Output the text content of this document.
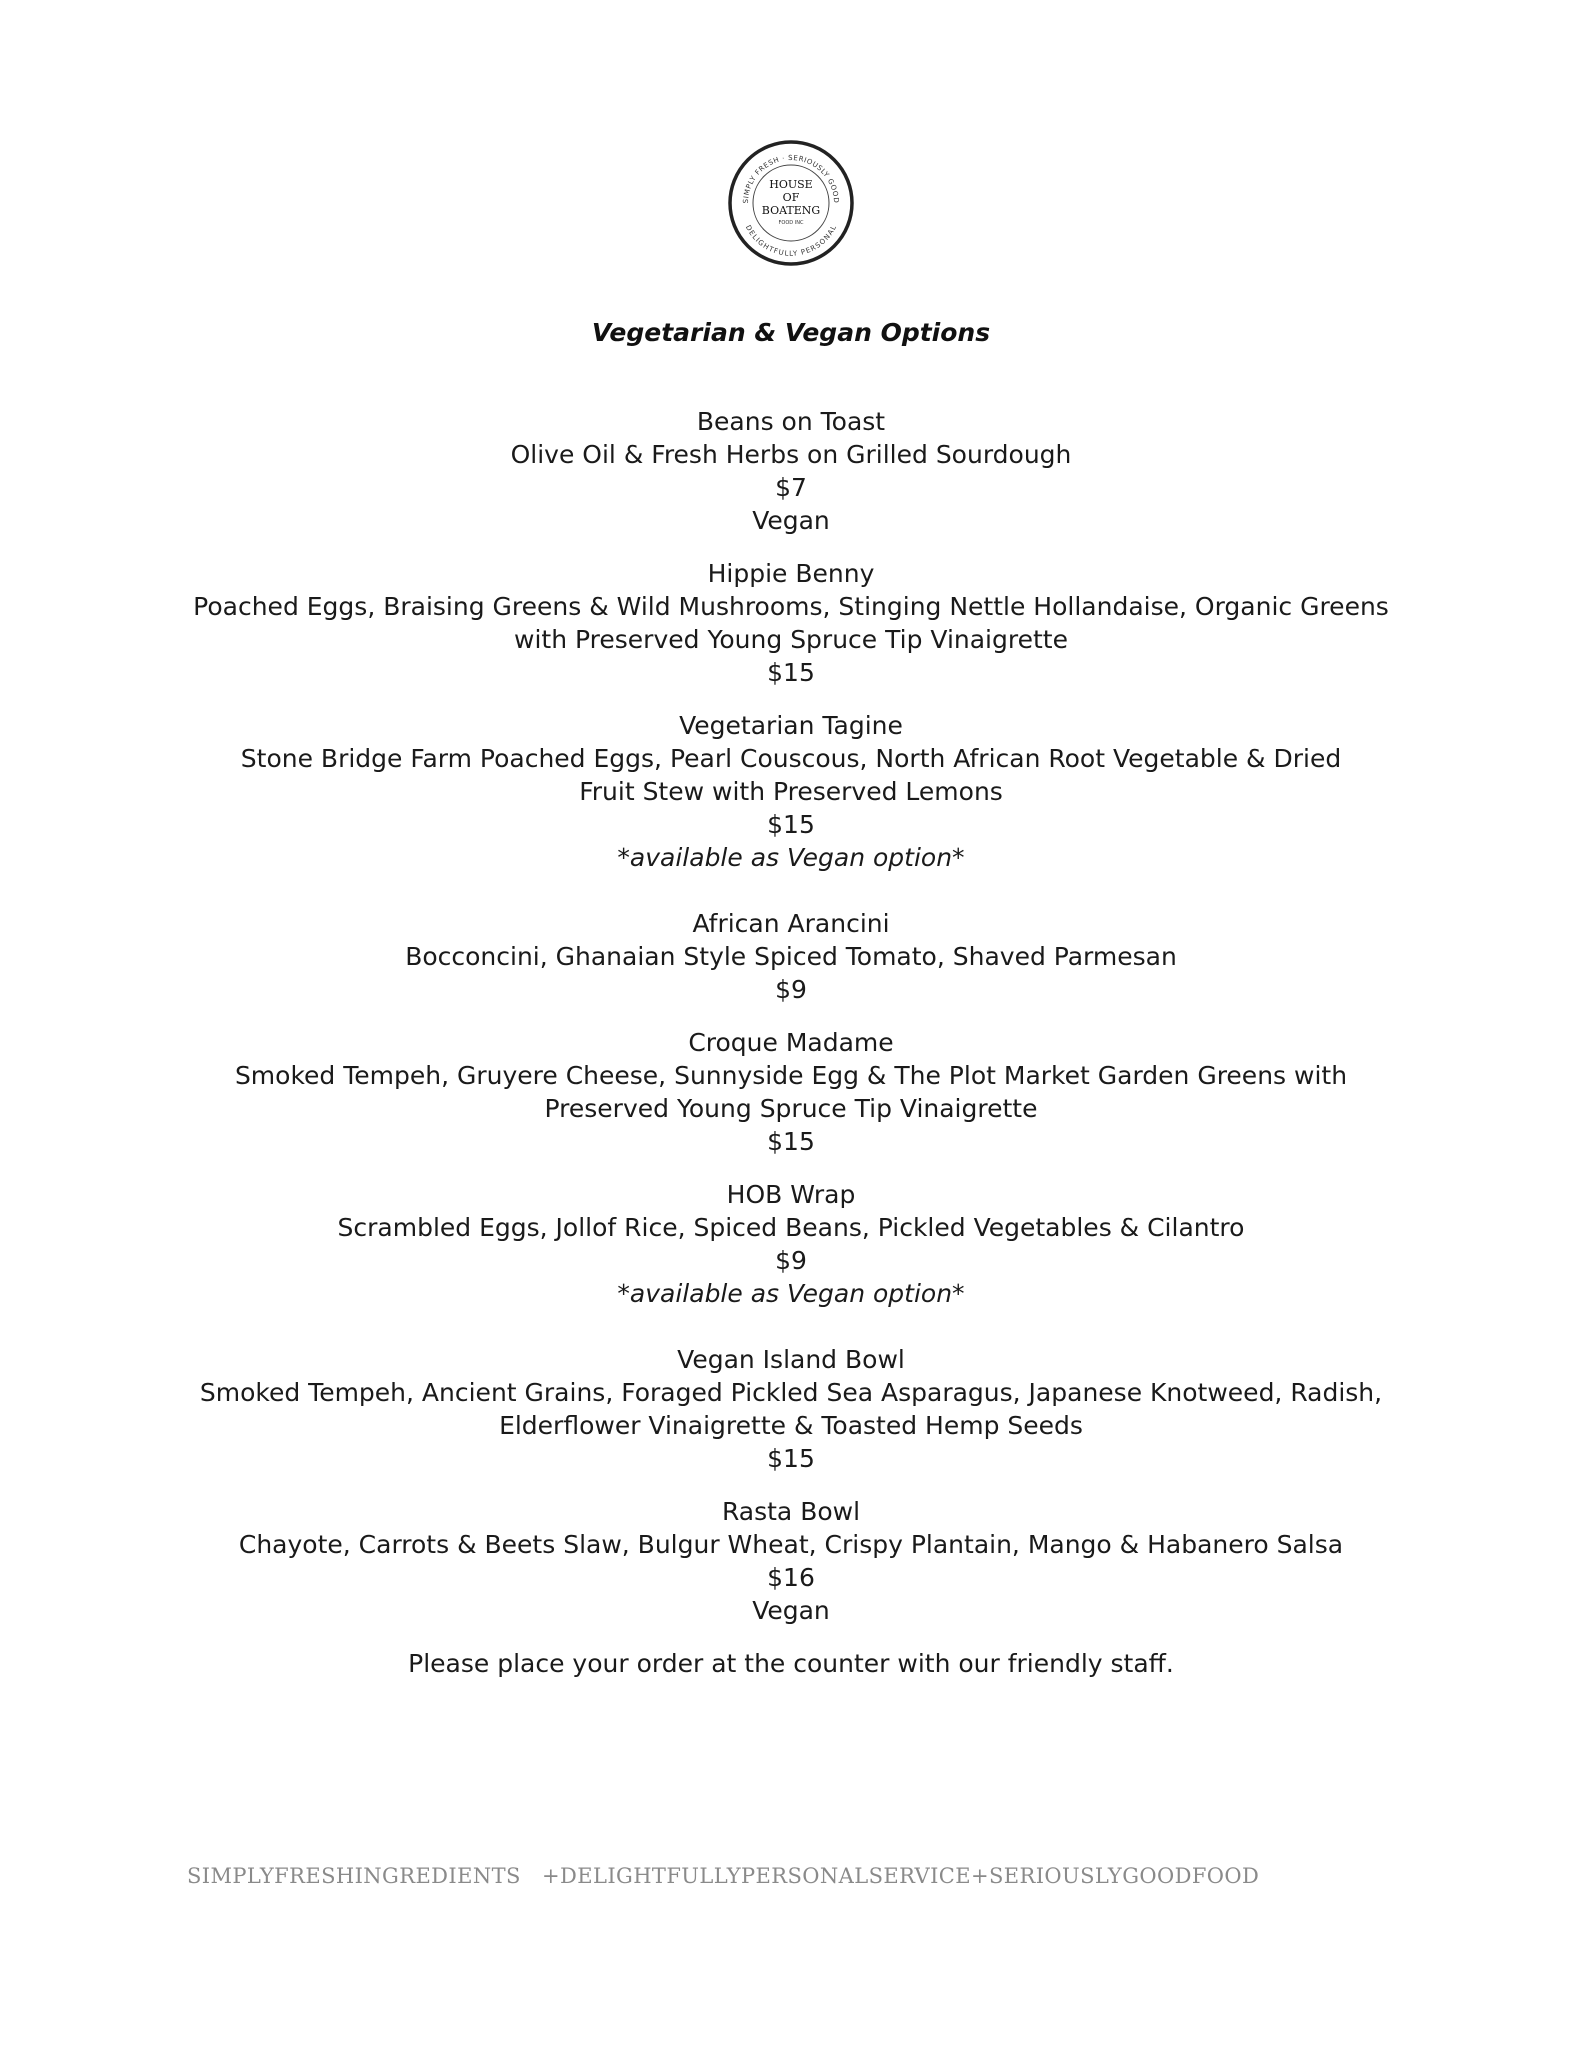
SIMPLY FRESH · SERIOUSLY GOOD
DELIGHTFULLY PERSONAL
HOUSE
OF
BOATENG
FOOD INC
Vegetarian & Vegan Options
Beans on Toast
Olive Oil & Fresh Herbs on Grilled Sourdough
$7
Vegan
Hippie Benny
Poached Eggs, Braising Greens & Wild Mushrooms, Stinging Nettle Hollandaise, Organic Greens
with Preserved Young Spruce Tip Vinaigrette
$15
Vegetarian Tagine
Stone Bridge Farm Poached Eggs, Pearl Couscous, North African Root Vegetable & Dried
Fruit Stew with Preserved Lemons
$15
*available as Vegan option*
African Arancini
Bocconcini, Ghanaian Style Spiced Tomato, Shaved Parmesan
$9
Croque Madame
Smoked Tempeh, Gruyere Cheese, Sunnyside Egg & The Plot Market Garden Greens with
Preserved Young Spruce Tip Vinaigrette
$15
HOB Wrap
Scrambled Eggs, Jollof Rice, Spiced Beans, Pickled Vegetables & Cilantro
$9
*available as Vegan option*
Vegan Island Bowl
Smoked Tempeh, Ancient Grains, Foraged Pickled Sea Asparagus, Japanese Knotweed, Radish,
Elderflower Vinaigrette & Toasted Hemp Seeds
$15
Rasta Bowl
Chayote, Carrots & Beets Slaw, Bulgur Wheat, Crispy Plantain, Mango & Habanero Salsa
$16
Vegan
Please place your order at the counter with our friendly staff.
SIMPLYFRESHINGREDIENTS   +DELIGHTFULLYPERSONALSERVICE+SERIOUSLYGOODFOOD
